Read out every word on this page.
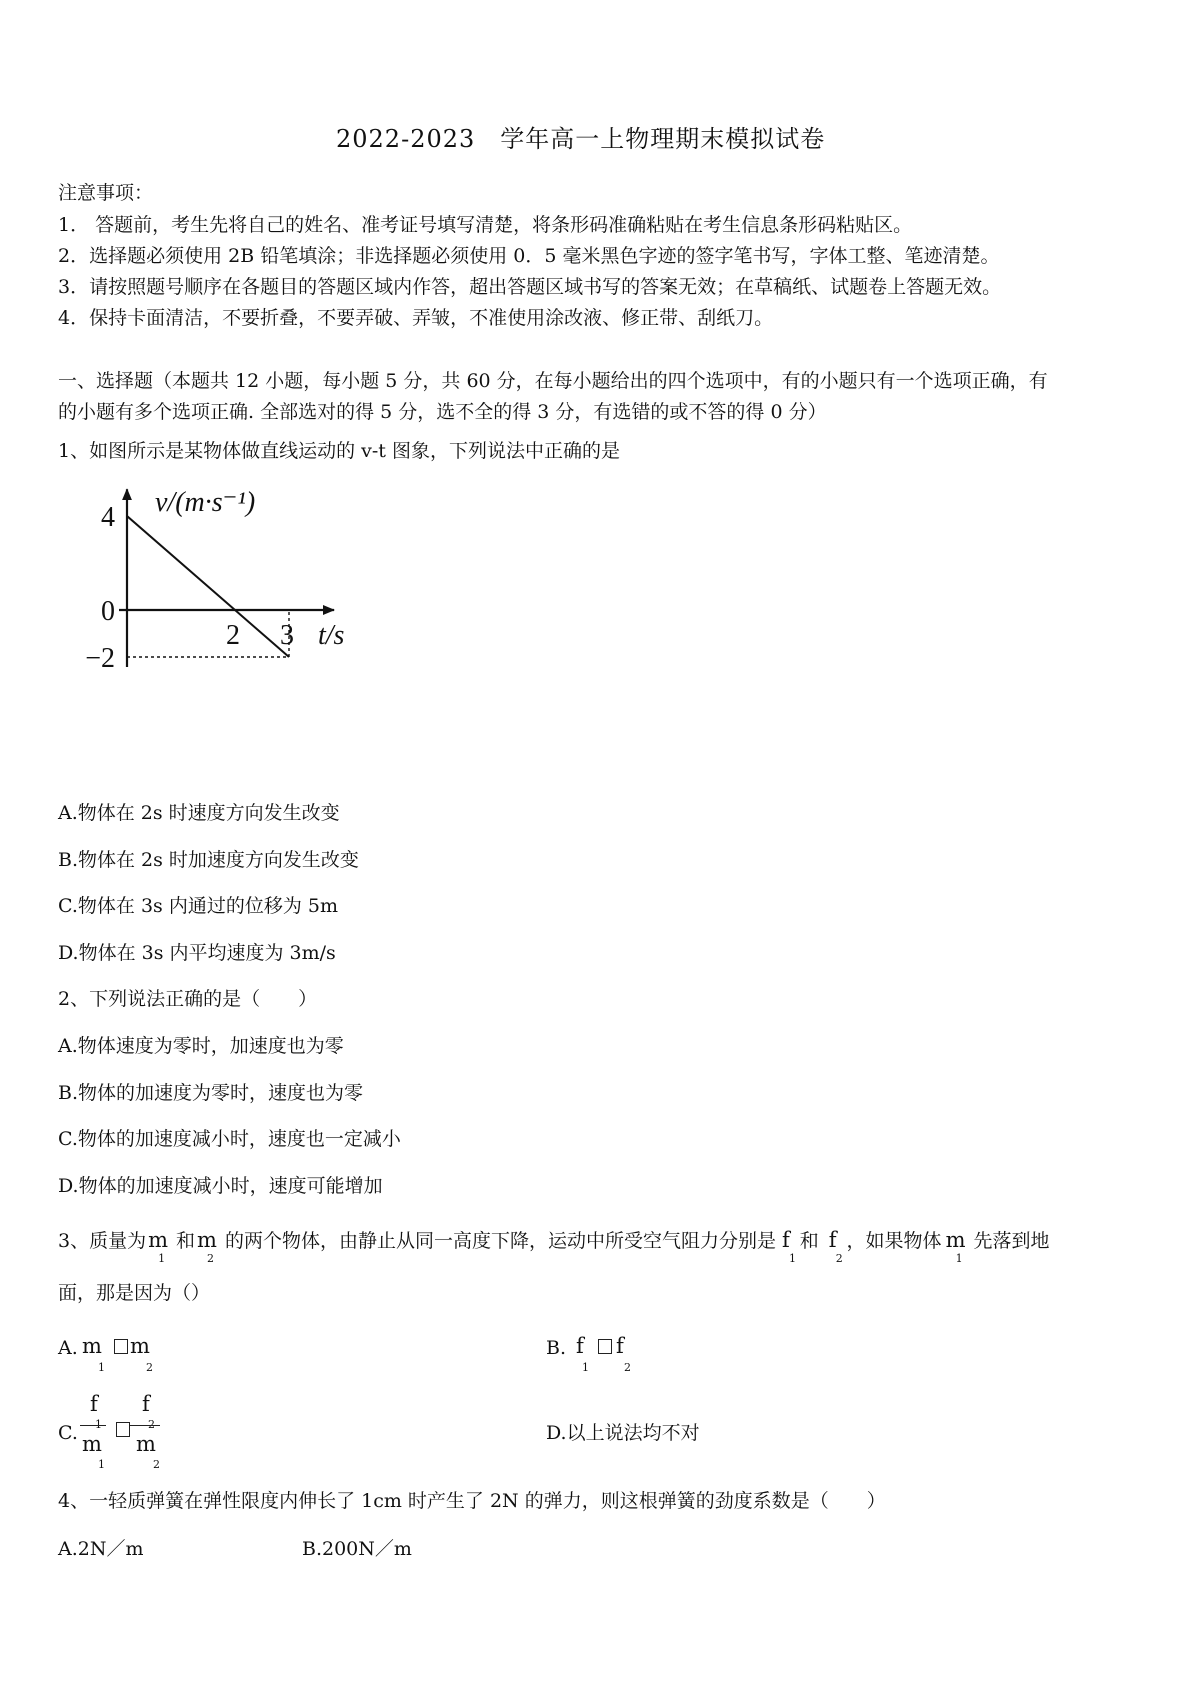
2022-2023　学年高一上物理期末模拟试卷
注意事项：
1． 答题前，考生先将自己的姓名、准考证号填写清楚，将条形码准确粘贴在考生信息条形码粘贴区。
2．选择题必须使用 2B 铅笔填涂；非选择题必须使用 0．5 毫米黑色字迹的签字笔书写，字体工整、笔迹清楚。
3．请按照题号顺序在各题目的答题区域内作答，超出答题区域书写的答案无效；在草稿纸、试题卷上答题无效。
4．保持卡面清洁，不要折叠，不要弄破、弄皱，不准使用涂改液、修正带、刮纸刀。
一、选择题（本题共 12 小题，每小题 5 分，共 60 分，在每小题给出的四个选项中，有的小题只有一个选项正确，有
的小题有多个选项正确. 全部选对的得 5 分，选不全的得 3 分，有选错的或不答的得 0 分）
1、如图所示是某物体做直线运动的 v-t 图象，下列说法中正确的是
4
0
−2
2 3
v/(m·s⁻¹)
t/s
A.物体在 2s 时速度方向发生改变
B.物体在 2s 时加速度方向发生改变
C.物体在 3s 内通过的位移为 5m
D.物体在 3s 内平均速度为 3m/s
2、下列说法正确的是（　　）
A.物体速度为零时，加速度也为零
B.物体的加速度为零时，速度也为零
C.物体的加速度减小时，速度也一定减小
D.物体的加速度减小时，速度可能增加
3、质量为m
1
和m
2
的两个物体，由静止从同一高度下降，运动中所受空气阻力分别是 f
1
和 f
2
，如果物体 m
1
先落到地
面，那是因为（）
A. m
1
m
2
B. f
1
f
2
C.
f
1
m
1
f
2
m
2
D.以上说法均不对
4、一轻质弹簧在弹性限度内伸长了 1cm 时产生了 2N 的弹力，则这根弹簧的劲度系数是（　　）
A.2N／m	B.200N／m
